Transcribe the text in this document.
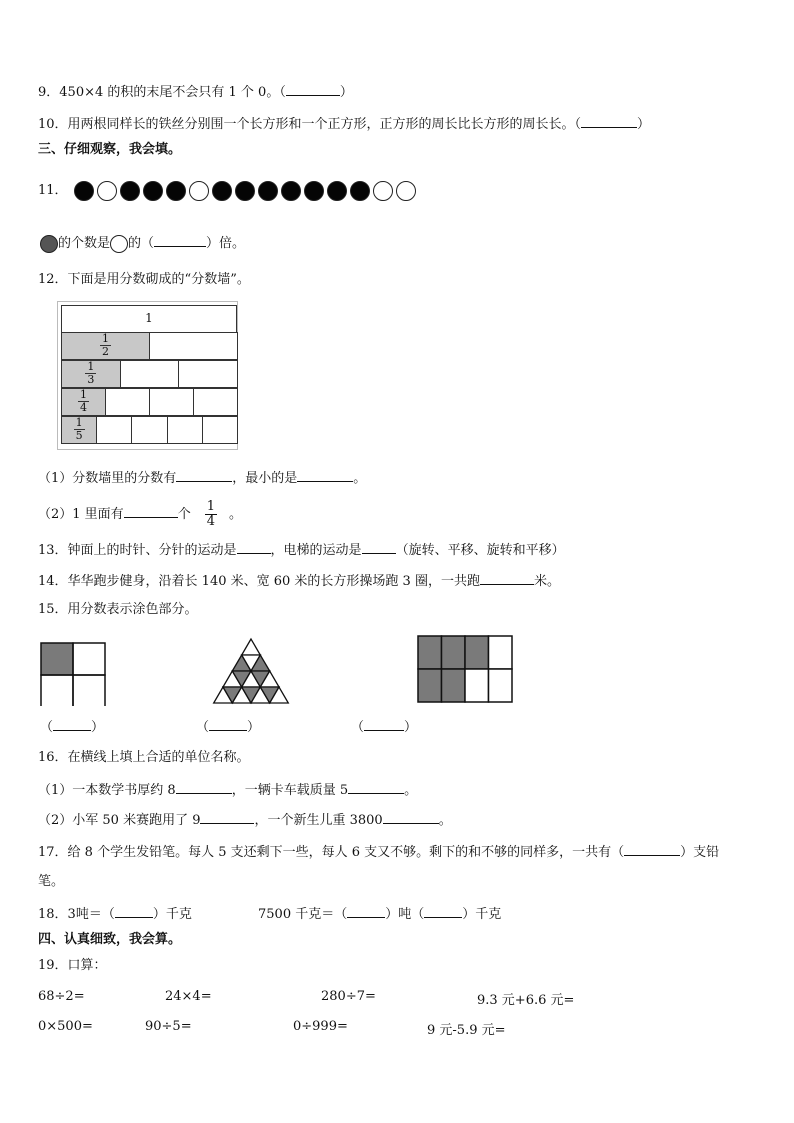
9．450×4 的积的末尾不会只有 1 个 0。（	）
10．用两根同样长的铁丝分别围一个长方形和一个正方形，正方形的周长比长方形的周长长。（	）
三、仔细观察，我会填。
11．
的个数是 的（	）倍。
12．下面是用分数砌成的“分数墙”。
1
$\frac{1}{2}$
$\frac{1}{3}$
$\frac{1}{4}$
$\frac{1}{5}$
（1）分数墙里的分数有	，最小的是	。
（2）1 里面有	个 $\frac{1}{4}$ 。
13．钟面上的时针、分针的运动是	，电梯的运动是	（旋转、平移、旋转和平移）
14．华华跑步健身，沿着长 140 米、宽 60 米的长方形操场跑 3 圈，一共跑	米。
15．用分数表示涂色部分。
（	）	（	）	（	）
16．在横线上填上合适的单位名称。
（1）一本数学书厚约 8	，一辆卡车载质量 5	。
（2）小军 50 米赛跑用了 9	，一个新生儿重 3800	。
17．给 8 个学生发铅笔。每人 5 支还剩下一些，每人 6 支又不够。剩下的和不够的同样多，一共有（	）支铅
笔。
18．3吨＝（	）千克	7500 千克＝（	）吨（	）千克
四、认真细致，我会算。
19．口算：
68÷2=	24×4=	280÷7=	9.3 元+6.6 元=
0×500=	90÷5=	0÷999=	9 元-5.9 元=
